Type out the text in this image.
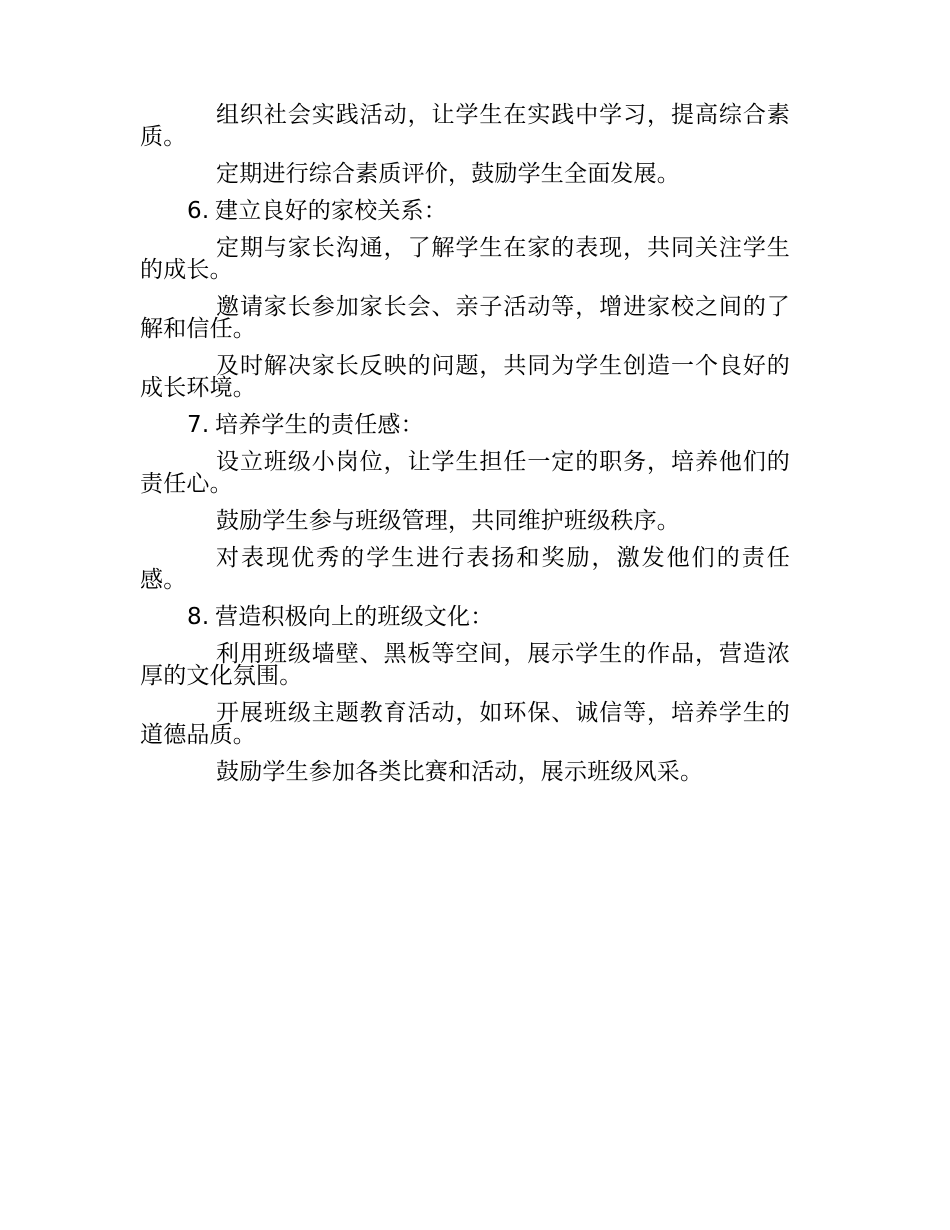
组织社会实践活动，让学生在实践中学习，提高综合素质。

定期进行综合素质评价，鼓励学生全面发展。

6. 建立良好的家校关系：

定期与家长沟通，了解学生在家的表现，共同关注学生的成长。

邀请家长参加家长会、亲子活动等，增进家校之间的了解和信任。

及时解决家长反映的问题，共同为学生创造一个良好的成长环境。

7. 培养学生的责任感：

设立班级小岗位，让学生担任一定的职务，培养他们的责任心。

鼓励学生参与班级管理，共同维护班级秩序。

对表现优秀的学生进行表扬和奖励，激发他们的责任感。

8. 营造积极向上的班级文化：

利用班级墙壁、黑板等空间，展示学生的作品，营造浓厚的文化氛围。

开展班级主题教育活动，如环保、诚信等，培养学生的道德品质。

鼓励学生参加各类比赛和活动，展示班级风采。
